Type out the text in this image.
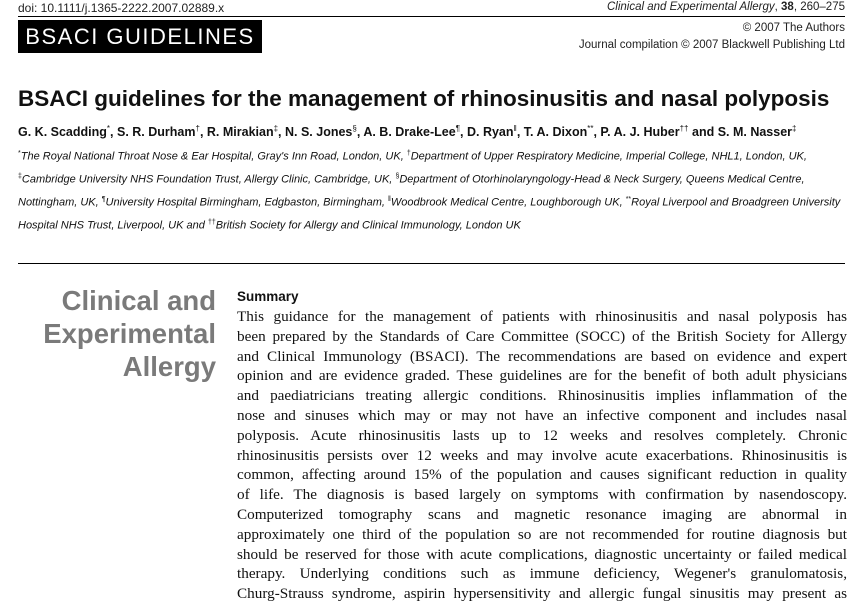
doi: 10.1111/j.1365-2222.2007.02889.x	Clinical and Experimental Allergy, 38, 260–275
BSACI GUIDELINES	© 2007 The Authors
Journal compilation © 2007 Blackwell Publishing Ltd
BSACI guidelines for the management of rhinosinusitis and nasal polyposis
G. K. Scadding*, S. R. Durham†, R. Mirakian‡, N. S. Jones§, A. B. Drake-Lee¶, D. Ryan‖, T. A. Dixon**, P. A. J. Huber†† and S. M. Nasser‡
*The Royal National Throat Nose & Ear Hospital, Gray's Inn Road, London, UK, †Department of Upper Respiratory Medicine, Imperial College, NHL1, London, UK, ‡Cambridge University NHS Foundation Trust, Allergy Clinic, Cambridge, UK, §Department of Otorhinolaryngology-Head & Neck Surgery, Queens Medical Centre, Nottingham, UK, ¶University Hospital Birmingham, Edgbaston, Birmingham, ‖Woodbrook Medical Centre, Loughborough UK, **Royal Liverpool and Broadgreen University Hospital NHS Trust, Liverpool, UK and ††British Society for Allergy and Clinical Immunology, London UK
Clinical and
Experimental
Allergy
Summary
This guidance for the management of patients with rhinosinusitis and nasal polyposis has
been prepared by the Standards of Care Committee (SOCC) of the British Society for Allergy
and Clinical Immunology (BSACI). The recommendations are based on evidence and expert
opinion and are evidence graded. These guidelines are for the benefit of both adult physicians
and paediatricians treating allergic conditions. Rhinosinusitis implies inflammation of the
nose and sinuses which may or may not have an infective component and includes nasal
polyposis. Acute rhinosinusitis lasts up to 12 weeks and resolves completely. Chronic
rhinosinusitis persists over 12 weeks and may involve acute exacerbations. Rhinosinusitis is
common, affecting around 15% of the population and causes significant reduction in quality
of life. The diagnosis is based largely on symptoms with confirmation by nasendoscopy.
Computerized tomography scans and magnetic resonance imaging are abnormal in
approximately one third of the population so are not recommended for routine diagnosis but
should be reserved for those with acute complications, diagnostic uncertainty or failed medical
therapy. Underlying conditions such as immune deficiency, Wegener's granulomatosis,
Churg-Strauss syndrome, aspirin hypersensitivity and allergic fungal sinusitis may present as
